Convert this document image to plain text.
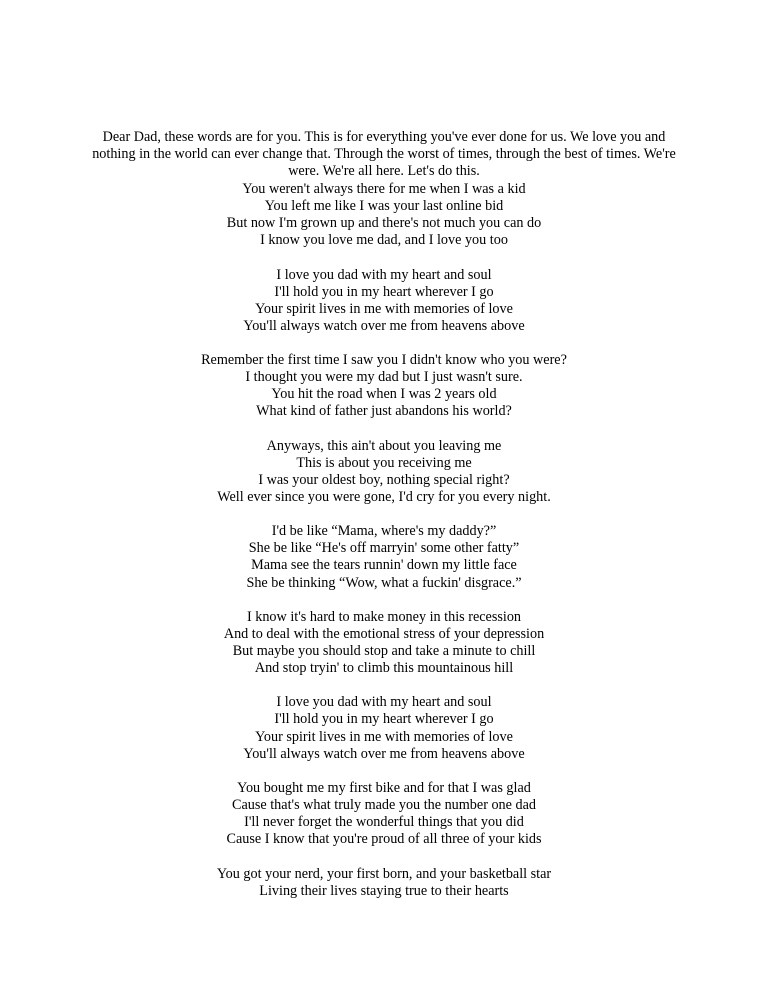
Dear Dad, these words are for you. This is for everything you've ever done for us. We love you and

nothing in the world can ever change that. Through the worst of times, through the best of times. We're

were. We're all here. Let's do this.

You weren't always there for me when I was a kid
You left me like I was your last online bid
But now I'm grown up and there's not much you can do
I know you love me dad, and I love you too
I love you dad with my heart and soul
I'll hold you in my heart wherever I go
Your spirit lives in me with memories of love
You'll always watch over me from heavens above
Remember the first time I saw you I didn't know who you were?
I thought you were my dad but I just wasn't sure.
You hit the road when I was 2 years old
What kind of father just abandons his world?
Anyways, this ain't about you leaving me
This is about you receiving me
I was your oldest boy, nothing special right?
Well ever since you were gone, I'd cry for you every night.
I'd be like “Mama, where's my daddy?”
She be like “He's off marryin' some other fatty”
Mama see the tears runnin' down my little face
She be thinking “Wow, what a fuckin' disgrace.”
I know it's hard to make money in this recession
And to deal with the emotional stress of your depression
But maybe you should stop and take a minute to chill
And stop tryin' to climb this mountainous hill
I love you dad with my heart and soul
I'll hold you in my heart wherever I go
Your spirit lives in me with memories of love
You'll always watch over me from heavens above
You bought me my first bike and for that I was glad
Cause that's what truly made you the number one dad
I'll never forget the wonderful things that you did
Cause I know that you're proud of all three of your kids
You got your nerd, your first born, and your basketball star
Living their lives staying true to their hearts
